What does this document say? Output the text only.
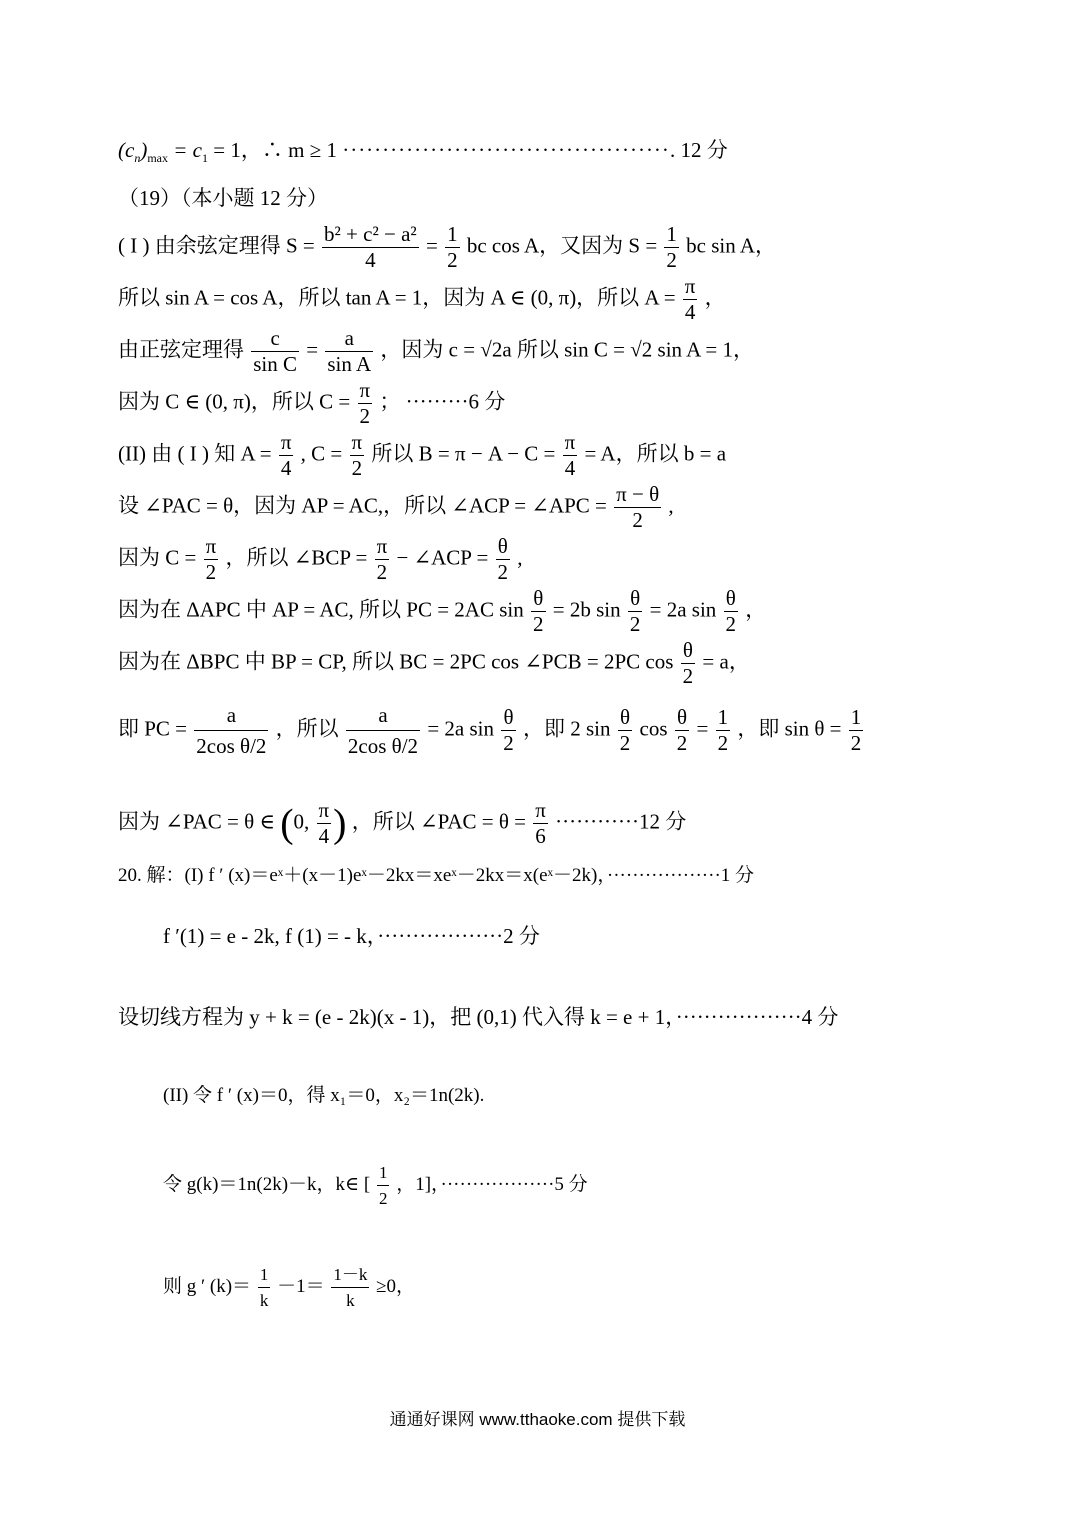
$(c_n)_{max} = c_1 = 1$，∴ m ≥ 1 ·········································. 12 分
（19）（本小题 12 分）
( I ) 由余弦定理得 $S = \frac{\text{b² + c² − a²}}{4} = \frac{1}{2}$ bc cos A，又因为 $S = \frac{1}{2}$ bc sin A，
所以 sin A = cos A，所以 tan A = 1，因为 A ∈ (0, π)，所以 $A = \frac{\pi}{4}$ ，
由正弦定理得 $\frac{c}{\text{sin C}} = \frac{a}{\text{sin A}}$ ，因为 c = √2a 所以 sin C = √2 sin A = 1，
因为 C ∈ (0, π)，所以 $C = \frac{\pi}{2}$ ； ·········6 分
(II) 由 ( I ) 知 $A = \frac{\pi}{4}$ , $C = \frac{\pi}{2}$ 所以 $B = \pi - A - C = \frac{\pi}{4} = A$，所以 b = a
设 ∠PAC = θ，因为 AP = AC,，所以 ∠ACP = ∠APC = $\frac{\pi - \theta}{2}$ ,
因为 $C = \frac{\pi}{2}$ ，所以 ∠BCP = $\frac{\pi}{2}$ − ∠ACP = $\frac{\theta}{2}$ ,
因为在 ΔAPC 中 AP = AC, 所以 PC = 2AC $\sin \frac{\theta}{2} = 2b$ $\sin \frac{\theta}{2} = 2a$ $\sin \frac{\theta}{2}$ ，
因为在 ΔBPC 中 BP = CP, 所以 BC = 2PC cos ∠PCB = 2PC $\cos \frac{\theta}{2} = a$，
即 PC = $\frac{a}{\text{2cos θ/2}}$ ，所以 $\frac{a}{\text{2cos θ/2}} = 2a$ $\sin \frac{\theta}{2}$ ，即 2 $\sin \frac{\theta}{2}$ $\cos \frac{\theta}{2} = \frac{1}{2}$ ，即 $\sin \theta = \frac{1}{2}$
因为 ∠PAC = θ ∈ (0, $\frac{\pi}{4}$ ) ，所以 ∠PAC = $\theta = \frac{\pi}{6} \cdot\cdot\cdot\cdot\cdot\cdot\cdot\cdot\cdot\cdot\cdot\cdot 12$ 分
20. 解：(I) f ′ (x)＝eˣ＋(x－1)eˣ－2kx＝xeˣ－2kx＝x(eˣ－2k)，··················1 分
f ′(1) = e - 2k, f (1) = - k，··················2 分
设切线方程为 y + k = (e - 2k)(x - 1)，把 (0,1) 代入得 k = e + 1，··················4 分
(II) 令 f ′ (x)＝0，得 x₁＝0，x₂＝1n(2k).
令 g(k)＝1n(2k)－k，k∈ [ $\frac{1}{2}$ ，1]，··················5 分
则 g ′ $(k)= \frac{1}{k} -1= \frac{1-k}{k} \ge 0$，
通通好课网 www.tthaoke.com 提供下载
